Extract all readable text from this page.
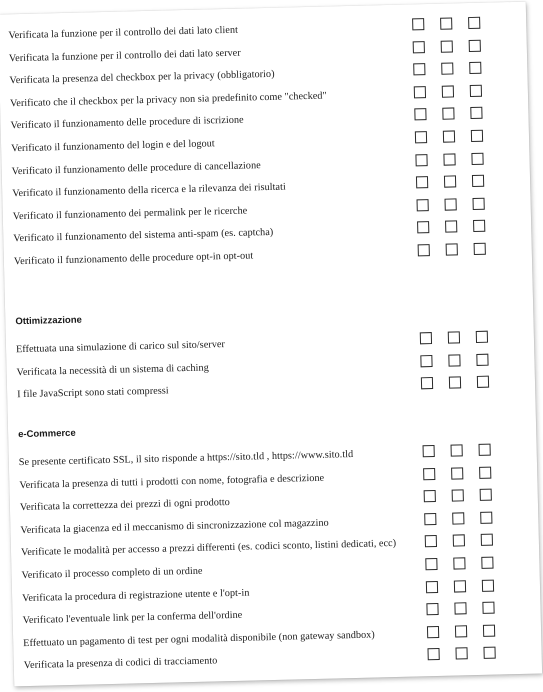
Verificata la funzione per il controllo dei dati lato client
Verificata la funzione per il controllo dei dati lato server
Verificata la presenza del checkbox per la privacy (obbligatorio)
Verificato che il checkbox per la privacy non sia predefinito come "checked"
Verificato il funzionamento delle procedure di iscrizione
Verificato il funzionamento del login e del logout
Verificato il funzionamento delle procedure di cancellazione
Verificato il funzionamento della ricerca e la rilevanza dei risultati
Verificato il funzionamento dei permalink per le ricerche
Verificato il funzionamento del sistema anti-spam (es. captcha)
Verificato il funzionamento delle procedure opt-in opt-out
Ottimizzazione
Effettuata una simulazione di carico sul sito/server
Verificata la necessità di un sistema di caching
I file JavaScript sono stati compressi
e-Commerce
Se presente certificato SSL, il sito risponde a https://sito.tld , https://www.sito.tld
Verificata la presenza di tutti i prodotti con nome, fotografia e descrizione
Verificata la correttezza dei prezzi di ogni prodotto
Verificata la giacenza ed il meccanismo di sincronizzazione col magazzino
Verificate le modalità per accesso a prezzi differenti (es. codici sconto, listini dedicati, ecc)
Verificato il processo completo di un ordine
Verificata la procedura di registrazione utente e l'opt-in
Verificato l'eventuale link per la conferma dell'ordine
Effettuato un pagamento di test per ogni modalità disponibile (non gateway sandbox)
Verificata la presenza di codici di tracciamento
